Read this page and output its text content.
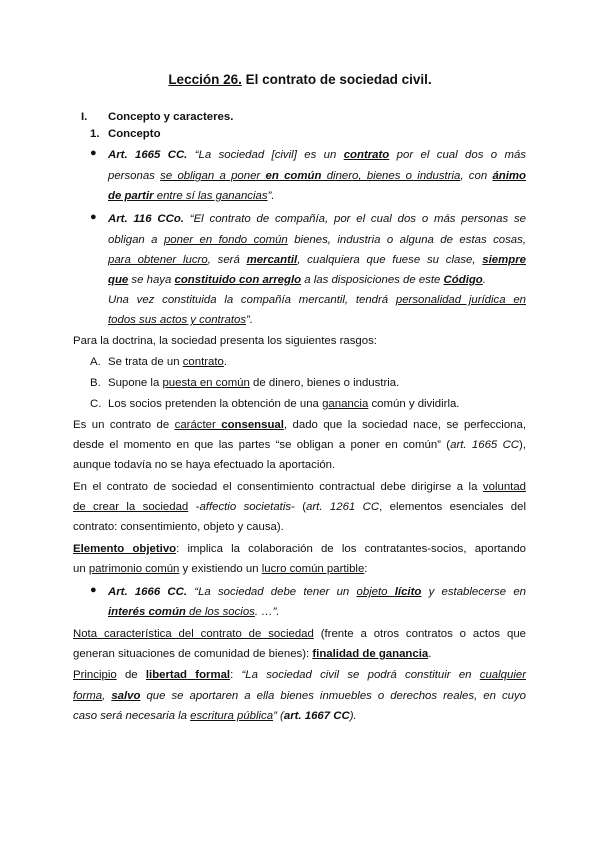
Lección 26. El contrato de sociedad civil.
I. Concepto y caracteres.
1. Concepto
● Art. 1665 CC. “La sociedad [civil] es un contrato por el cual dos o más
personas se obligan a poner en común dinero, bienes o industria, con ánimo
de partir entre sí las ganancias”.
● Art. 116 CCo. “El contrato de compañía, por el cual dos o más personas se
obligan a poner en fondo común bienes, industria o alguna de estas cosas,
para obtener lucro, será mercantil, cualquiera que fuese su clase, siempre
que se haya constituido con arreglo a las disposiciones de este Código.
Una vez constituida la compañía mercantil, tendrá personalidad jurídica en
todos sus actos y contratos”.
Para la doctrina, la sociedad presenta los siguientes rasgos:
A. Se trata de un contrato.
B. Supone la puesta en común de dinero, bienes o industria.
C. Los socios pretenden la obtención de una ganancia común y dividirla.
Es un contrato de carácter consensual, dado que la sociedad nace, se perfecciona,
desde el momento en que las partes “se obligan a poner en común” (art. 1665 CC),
aunque todavía no se haya efectuado la aportación.
En el contrato de sociedad el consentimiento contractual debe dirigirse a la voluntad
de crear la sociedad -affectio societatis- (art. 1261 CC, elementos esenciales del
contrato: consentimiento, objeto y causa).
Elemento objetivo: implica la colaboración de los contratantes-socios, aportando
un patrimonio común y existiendo un lucro común partible:
● Art. 1666 CC. “La sociedad debe tener un objeto lícito y establecerse en
interés común de los socios. …”.
Nota característica del contrato de sociedad (frente a otros contratos o actos que
generan situaciones de comunidad de bienes): finalidad de ganancia.
Principio de libertad formal: “La sociedad civil se podrá constituir en cualquier
forma, salvo que se aportaren a ella bienes inmuebles o derechos reales, en cuyo
caso será necesaria la escritura pública” (art. 1667 CC).
